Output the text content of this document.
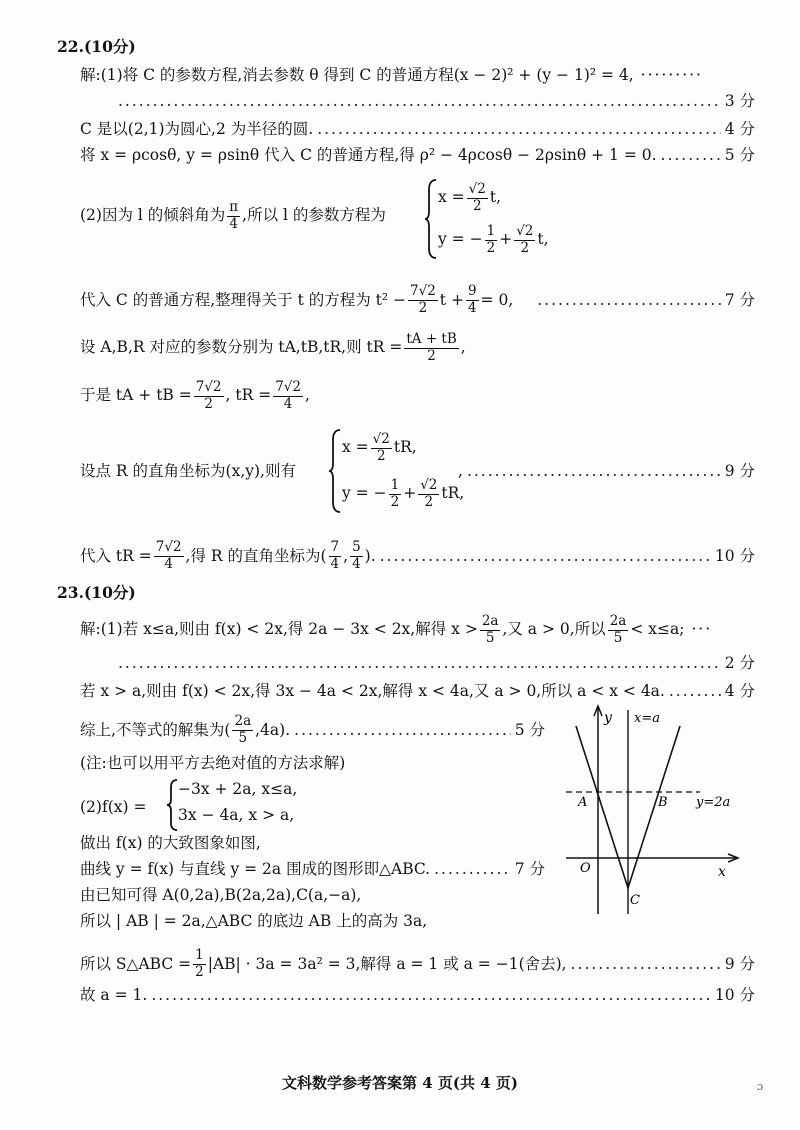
22.(10分)
解:(1)将 C 的参数方程,消去参数 θ 得到 C 的普通方程(x − 2)² + (y − 1)² = 4, ·········
.....
3 分
C 是以(2,1)为圆心,2 为半径的圆. .....	4 分
将 x = ρcosθ, y = ρsinθ 代入 C 的普通方程,得 ρ² − 4ρcosθ − 2ρsinθ + 1 = 0. .....	5 分
(2)因为 l 的倾斜角为 $\frac{\pi}{4}$ ,所以 l 的参数方程为
$x = \frac{√2}{2} t$,
y = − $\frac{1}{2} + \frac{√2}{2} t$,
代入 C 的普通方程,整理得关于 t 的方程为 $t^2 - \frac{7√2}{2}$ $t + \frac{9}{4} = 0$, .....	7 分
设 A,B,R 对应的参数分别为 tA,tB,tR,则 tR = $\frac{tA + tB}{2}$ ,
于是 tA + tB = $\frac{7√2}{2}$ , tR = $\frac{7√2}{4}$ ,
设点 R 的直角坐标为(x,y),则有
$x = \frac{√2}{2}$ tR,
y = − $\frac{1}{2} + \frac{√2}{2}$ tR,
, .....	9 分
代入 tR = $\frac{7√2}{4}$ ,得 R 的直角坐标为( $\frac{7}{4}$ , $\frac{5}{4}$ ). .....	10 分
23.(10分)
解:(1)若 x≤a,则由 f(x) < 2x,得 2a − 3x < 2x,解得 $x > \frac{2a}{5}$ ,又 a > 0,所以 $\frac{2a}{5} < x\le a$; ···
.....
2 分
若 x > a,则由 f(x) < 2x,得 3x − 4a < 2x,解得 x < 4a,又 a > 0,所以 a < x < 4a. .....	4 分
综上,不等式的解集为( $\frac{2a}{5} ,4a$). .....	5 分
(注:也可以用平方去绝对值的方法求解)
(2)f(x) =
−3x + 2a, x≤a,
3x − 4a, x > a,
做出 f(x) 的大致图象如图,
曲线 y = f(x) 与直线 y = 2a 围成的图形即△ABC. .....	7 分
由已知可得 A(0,2a),B(2a,2a),C(a,−a),
所以 | AB | = 2a,△ABC 的底边 AB 上的高为 3a,
所以 S△ABC = $\frac{1}{2} |AB| \cdot 3a = 3a^2 = 3$,解得 a = 1 或 a = −1(舍去), .....	9 分
故 a = 1. .....	10 分
y x=a
A	B y=2a
O	x
C
文科数学参考答案第 4 页(共 4 页)	ɔ
